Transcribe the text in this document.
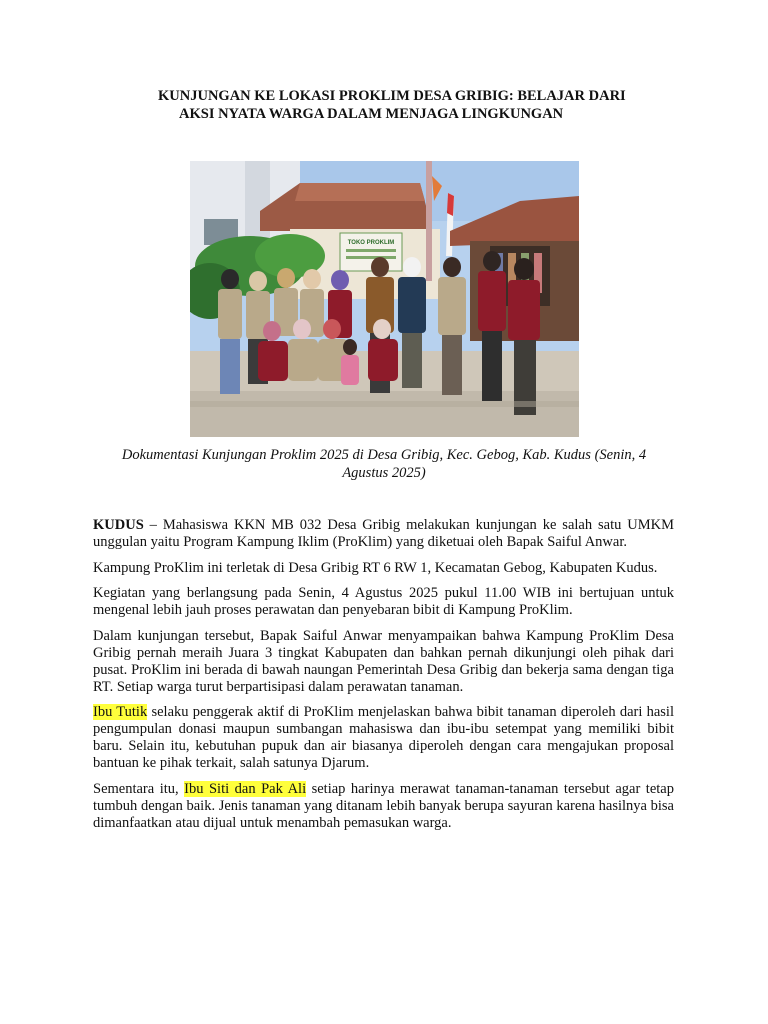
KUNJUNGAN KE LOKASI PROKLIM DESA GRIBIG: BELAJAR DARI
AKSI NYATA WARGA DALAM MENJAGA LINGKUNGAN
TOKO PROKLIM
Dokumentasi Kunjungan Proklim 2025 di Desa Gribig, Kec. Gebog, Kab. Kudus (Senin, 4
Agustus 2025)

KUDUS – Mahasiswa KKN MB 032 Desa Gribig melakukan kunjungan ke salah satu UMKM unggulan yaitu Program Kampung Iklim (ProKlim) yang diketuai oleh Bapak Saiful Anwar.

Kampung ProKlim ini terletak di Desa Gribig RT 6 RW 1, Kecamatan Gebog, Kabupaten Kudus.

Kegiatan yang berlangsung pada Senin, 4 Agustus 2025 pukul 11.00 WIB ini bertujuan untuk mengenal lebih jauh proses perawatan dan penyebaran bibit di Kampung ProKlim.

Dalam kunjungan tersebut, Bapak Saiful Anwar menyampaikan bahwa Kampung ProKlim Desa Gribig pernah meraih Juara 3 tingkat Kabupaten dan bahkan pernah dikunjungi oleh pihak dari pusat. ProKlim ini berada di bawah naungan Pemerintah Desa Gribig dan bekerja sama dengan tiga RT. Setiap warga turut berpartisipasi dalam perawatan tanaman.

Ibu Tutik selaku penggerak aktif di ProKlim menjelaskan bahwa bibit tanaman diperoleh dari hasil pengumpulan donasi maupun sumbangan mahasiswa dan ibu-ibu setempat yang memiliki bibit baru. Selain itu, kebutuhan pupuk dan air biasanya diperoleh dengan cara mengajukan proposal bantuan ke pihak terkait, salah satunya Djarum.

Sementara itu, Ibu Siti dan Pak Ali setiap harinya merawat tanaman-tanaman tersebut agar tetap tumbuh dengan baik. Jenis tanaman yang ditanam lebih banyak berupa sayuran karena hasilnya bisa dimanfaatkan atau dijual untuk menambah pemasukan warga.
